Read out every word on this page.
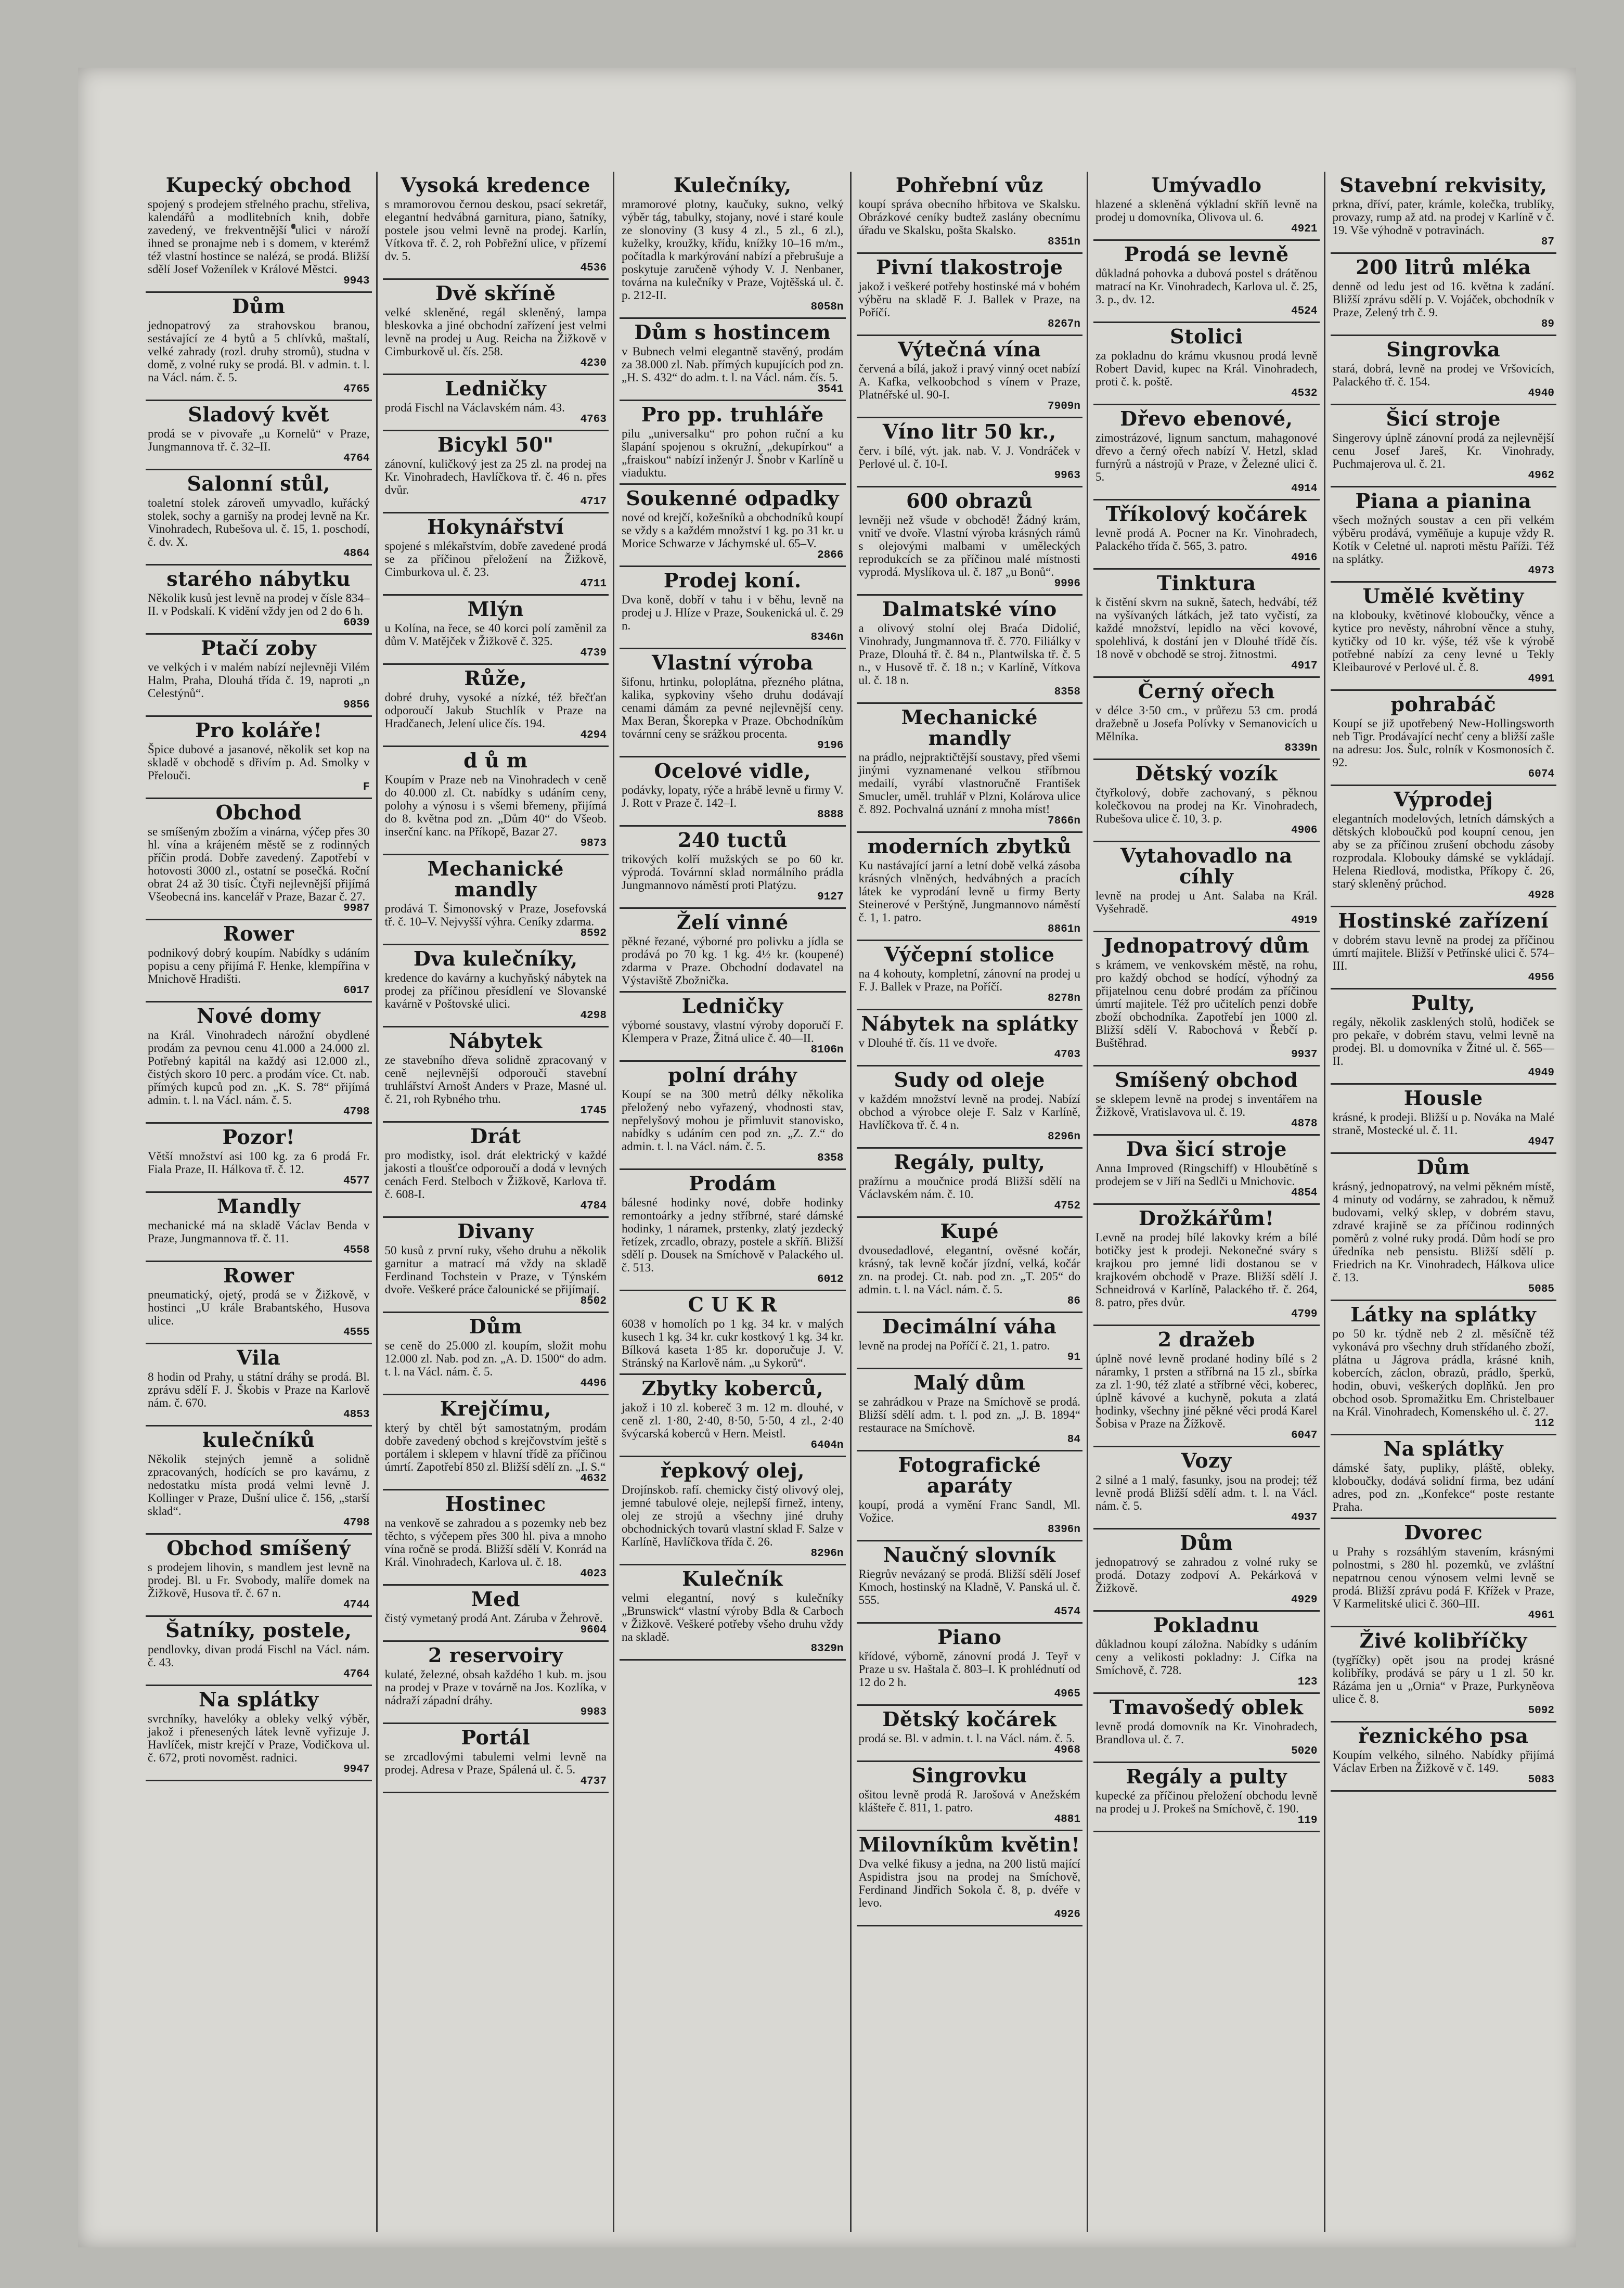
Kupecký obchod

spojený s prodejem střelného prachu, střeliva, kalendářů a modlitebních knih, dobře zavedený, ve frekventnější ulici v nároží ihned se pronajme neb i s domem, v kterémž též vlastní hostince se nalézá, se prodá. Bližší sdělí Josef Voženílek v Králové Městci.

9943
Dům

jednopatrový za strahovskou branou, sestávající ze 4 bytů a 5 chlívků, maštalí, velké zahrady (rozl. druhy stromů), studna v domě, z volné ruky se prodá. Bl. v admin. t. l. na Václ. nám. č. 5.

4765
Sladový květ

prodá se v pivovaře „u Kornelů“ v Praze, Jungmannova tř. č. 32–II.

4764
Salonní stůl,

toaletní stolek zároveň umyvadlo, kuřácký stolek, sochy a garnišy na prodej levně na Kr. Vinohradech, Rubešova ul. č. 15, 1. poschodí, č. dv. X.

4864
starého nábytku

Několik kusů jest levně na prodej v čísle 834–II. v Podskalí. K vidění vždy jen od 2 do 6 h.

6039
Ptačí zoby

ve velkých i v malém nabízí nejlevněji Vilém Halm, Praha, Dlouhá třída č. 19, naproti „n Celestýnů“.

9856
Pro koláře!

Špice dubové a jasanové, několik set kop na skladě v obchodě s dřivím p. Ad. Smolky v Přelouči.

F
Obchod

se smíšeným zbožím a vinárna, výčep přes 30 hl. vína a krájeném městě se z rodinných příčin prodá. Dobře zavedený. Zapotřebí v hotovosti 3000 zl., ostatní se posečká. Roční obrat 24 až 30 tisíc. Čtyři nejlevnější přijímá Všeobecná ins. kancelář v Praze, Bazar č. 27.

9987
Rower

podnikový dobrý koupím. Nabídky s udáním popisu a ceny přijímá F. Henke, klempířina v Mnichově Hradišti.

6017
Nové domy

na Král. Vinohradech nárožní obydlené prodám za pevnou cenu 41.000 a 24.000 zl. Potřebný kapitál na každý asi 12.000 zl., čistých skoro 10 perc. a prodám více. Ct. nab. přímých kupců pod zn. „K. S. 78“ přijímá admin. t. l. na Václ. nám. č. 5.

4798
Pozor!

Větší množství asi 100 kg. za 6 prodá Fr. Fiala Praze, II. Hálkova tř. č. 12.

4577
Mandly

mechanické má na skladě Václav Benda v Praze, Jungmannova tř. č. 11.

4558
Rower

pneumatický, ojetý, prodá se v Žižkově, v hostinci „U krále Brabantského, Husova ulice.

4555
Vila

8 hodin od Prahy, u státní dráhy se prodá. Bl. zprávu sdělí F. J. Škobis v Praze na Karlově nám. č. 670.

4853
kulečníků

Několik stejných jemně a solidně zpracovaných, hodících se pro kavárnu, z nedostatku místa prodá velmi levně J. Kollinger v Praze, Dušní ulice č. 156, „starší sklad“.

4798
Obchod smíšený

s prodejem lihovin, s mandlem jest levně na prodej. Bl. u Fr. Svobody, malíře domek na Žižkově, Husova tř. č. 67 n.

4744
Šatníky, postele,

pendlovky, divan prodá Fischl na Václ. nám. č. 43.

4764
Na splátky

svrchníky, havelóky a obleky velký výběr, jakož i přenesených látek levně vyřizuje J. Havlíček, mistr krejčí v Praze, Vodičkova ul. č. 672, proti novoměst. radnici.

9947
Vysoká kredence

s mramorovou černou deskou, psací sekretář, elegantní hedvábná garnitura, piano, šatníky, postele jsou velmi levně na prodej. Karlín, Vítkova tř. č. 2, roh Pobřežní ulice, v přízemí dv. 5.

4536
Dvě skříně

velké skleněné, regál skleněný, lampa bleskovka a jiné obchodní zařízení jest velmi levně na prodej u Aug. Reicha na Žižkově v Cimburkově ul. čís. 258.

4230
Ledničky

prodá Fischl na Václavském nám. 43.

4763
Bicykl 50"

zánovní, kuličkový jest za 25 zl. na prodej na Kr. Vinohradech, Havlíčkova tř. č. 46 n. přes dvůr.

4717
Hokynářství

spojené s mlékařstvím, dobře zavedené prodá se za příčinou přeložení na Žižkově, Cimburkova ul. č. 23.

4711
Mlýn

u Kolína, na řece, se 40 korci polí zaměnil za dům V. Matějček v Žižkově č. 325.

4739
Růže,

dobré druhy, vysoké a nízké, též břečťan odporoučí Jakub Stuchlík v Praze na Hradčanech, Jelení ulice čís. 194.

4294
d ů m

Koupím v Praze neb na Vinohradech v ceně do 40.000 zl. Ct. nabídky s udáním ceny, polohy a výnosu i s všemi břemeny, přijímá do 8. května pod zn. „Dům 40“ do Všeob. inserční kanc. na Příkopě, Bazar 27.

9873
Mechanické mandly

prodává T. Šimonovský v Praze, Josefovská tř. č. 10–V. Nejvyšší výhra. Ceníky zdarma.

8592
Dva kulečníky,

kredence do kavárny a kuchyňský nábytek na prodej za příčinou přesídlení ve Slovanské kavárně v Poštovské ulici.

4298
Nábytek

ze stavebního dřeva solidně zpracovaný v ceně nejlevnější odporoučí stavební truhlářství Arnošt Anders v Praze, Masné ul. č. 21, roh Rybného trhu.

1745
Drát

pro modistky, isol. drát elektrický v každé jakosti a tloušťce odporoučí a dodá v levných cenách Ferd. Stelboch v Žižkově, Karlova tř. č. 608-I.

4784
Divany

50 kusů z první ruky, všeho druhu a několik garnitur a matrací má vždy na skladě Ferdinand Tochstein v Praze, v Týnském dvoře. Veškeré práce čalounické se přijímají.

8502
Dům

se ceně do 25.000 zl. koupím, složit mohu 12.000 zl. Nab. pod zn. „A. D. 1500“ do adm. t. l. na Václ. nám. č. 5.

4496
Krejčímu,

který by chtěl být samostatným, prodám dobře zavedený obchod s krejčovstvím ještě s portálem i sklepem v hlavní třídě za příčinou úmrtí. Zapotřebí 850 zl. Bližší sdělí zn. „I. S.“

4632
Hostinec

na venkově se zahradou a s pozemky neb bez těchto, s výčepem přes 300 hl. piva a mnoho vína ročně se prodá. Bližší sdělí V. Konrád na Král. Vinohradech, Karlova ul. č. 18.

4023
Med

čistý vymetaný prodá Ant. Záruba v Žehrově.

9604
2 reservoiry

kulaté, železné, obsah každého 1 kub. m. jsou na prodej v Praze v továrně na Jos. Kozlíka, v nádraží západní dráhy.

9983
Portál

se zrcadlovými tabulemi velmi levně na prodej. Adresa v Praze, Spálená ul. č. 5.

4737
Kulečníky,

mramorové plotny, kaučuky, sukno, velký výběr tág, tabulky, stojany, nové i staré koule ze slonoviny (3 kusy 4 zl., 5 zl., 6 zl.), kuželky, kroužky, křídu, knížky 10–16 m/m., počítadla k markýrování nabízí a přebrušuje a poskytuje zaručeně výhody V. J. Nenbaner, továrna na kulečníky v Praze, Vojtěšská ul. č. p. 212-II.

8058n
Dům s hostincem

v Bubnech velmi elegantně stavěný, prodám za 38.000 zl. Nab. přímých kupujících pod zn. „H. S. 432“ do adm. t. l. na Václ. nám. čís. 5.

3541
Pro pp. truhláře

pilu „universalku“ pro pohon ruční a ku šlapání spojenou s okružní, „dekupírkou“ a „fraiskou“ nabízí inženýr J. Šnobr v Karlíně u viaduktu.

Soukenné odpadky

nové od krejčí, kožešníků a obchodníků koupí se vždy s a každém množství 1 kg. po 31 kr. u Morice Schwarze v Jáchymské ul. 65–V.

2866
Prodej koní.

Dva koně, dobří v tahu i v běhu, levně na prodej u J. Hlíze v Praze, Soukenická ul. č. 29 n.

8346n
Vlastní výroba

šifonu, hrtinku, poloplátna, přezného plátna, kalika, sypkoviny všeho druhu dodávají cenami dámám za pevné nejlevnější ceny. Max Beran, Škorepka v Praze. Obchodníkům továrnní ceny se srážkou procenta.

9196
Ocelové vidle,

podávky, lopaty, rýče a hrábě levně u firmy V. J. Rott v Praze č. 142–I.

8888
240 tuctů

trikových kolří mužských se po 60 kr. výprodá. Továrnní sklad normálního prádla Jungmannovo náměstí proti Platýzu.

9127
Želí vinné

pěkné řezané, výborné pro polivku a jídla se prodává po 70 kg. 1 kg. 4½ kr. (koupené) zdarma v Praze. Obchodní dodavatel na Výstaviště Zbožnička.

Ledničky

výborné soustavy, vlastní výroby doporučí F. Klempera v Praze, Žitná ulice č. 40—II.

8106n
polní dráhy

Koupí se na 300 metrů délky několika přeložený nebo vyřazený, vhodnosti stav, nepřelyšový mohou je přimluvit stanovisko, nabídky s udáním cen pod zn. „Z. Z.“ do admin. t. l. na Václ. nám. č. 5.

8358
Prodám

bálesné hodinky nové, dobře hodinky remontoárky a jedny stříbrné, staré dámské hodinky, 1 náramek, prstenky, zlatý jezdecký řetízek, zrcadlo, obrazy, postele a skříň. Bližší sdělí p. Dousek na Smíchově v Palackého ul. č. 513.

6012
C U K R

6038 v homolích po 1 kg. 34 kr. v malých kusech 1 kg. 34 kr. cukr kostkový 1 kg. 34 kr. Bílková kaseta 1·85 kr. doporučuje J. V. Stránský na Karlově nám. „u Sykorů“.

Zbytky koberců,

jakož i 10 zl. kobereč 3 m. 12 m. dlouhé, v ceně zl. 1·80, 2·40, 8·50, 5·50, 4 zl., 2·40 švýcarská koberců v Hern. Meistl.

6404n
řepkový olej,

Drojínskob. rafí. chemicky čistý olivový olej, jemné tabulové oleje, nejlepší firnež, inteny, olej ze strojů a všechny jiné druhy obchodnických tovarů vlastní sklad F. Salze v Karlíně, Havlíčkova třída č. 26.

8296n
Kulečník

velmi elegantní, nový s kulečníky „Brunswick“ vlastní výroby Bdla & Carboch v Žižkově. Veškeré potřeby všeho druhu vždy na skladě.

8329n
Pohřební vůz

koupí správa obecního hřbitova ve Skalsku. Obrázkové ceníky budtež zaslány obecnímu úřadu ve Skalsku, pošta Skalsko.

8351n
Pivní tlakostroje

jakož i veškeré potřeby hostinské má v bohém výběru na skladě F. J. Ballek v Praze, na Poříčí.

8267n
Výtečná vína

červená a bílá, jakož i pravý vinný ocet nabízí A. Kafka, velkoobchod s vínem v Praze, Platnéřské ul. 90-I.

7909n
Víno litr 50 kr.,

červ. i bílé, výt. jak. nab. V. J. Vondráček v Perlové ul. č. 10-I.

9963
600 obrazů

levněji než všude v obchodě! Žádný krám, vnitř ve dvoře. Vlastní výroba krásných rámů s olejovými malbami v uměleckých reprodukcích se za příčinou malé místnosti vyprodá. Myslíkova ul. č. 187 „u Bonů“.

9996
Dalmatské víno

a olivový stolní olej Braća Didolić, Vinohrady, Jungmannova tř. č. 770. Filiálky v Praze, Dlouhá tř. č. 84 n., Plantwilska tř. č. 5 n., v Husově tř. č. 18 n.; v Karlíně, Vítkova ul. č. 18 n.

8358
Mechanické mandly

na prádlo, nejpraktičtější soustavy, před všemi jinými vyznamenané velkou stříbrnou medailí, vyrábí vlastnoručně František Smucler, uměl. truhlář v Plzni, Kolárova ulice č. 892. Pochvalná uznání z mnoha míst!

7866n
moderních zbytků

Ku nastávající jarní a letní době velká zásoba krásných vlněných, hedvábných a pracích látek ke vyprodání levně u firmy Berty Steinerové v Perštýně, Jungmannovo náměstí č. 1, 1. patro.

8861n
Výčepní stolice

na 4 kohouty, kompletní, zánovní na prodej u F. J. Ballek v Praze, na Poříčí.

8278n
Nábytek na splátky

v Dlouhé tř. čís. 11 ve dvoře.

4703
Sudy od oleje

v každém množství levně na prodej. Nabízí obchod a výrobce oleje F. Salz v Karlíně, Havlíčkova tř. č. 4 n.

8296n
Regály, pulty,

pražírnu a moučnice prodá Bližší sdělí na Václavském nám. č. 10.

4752
Kupé

dvousedadlové, elegantní, ověsné kočár, krásný, tak levně kočár jízdní, velká, kočár zn. na prodej. Ct. nab. pod zn. „T. 205“ do admin. t. l. na Václ. nám. č. 5.

86
Decimální váha

levně na prodej na Poříčí č. 21, 1. patro.

91
Malý dům

se zahrádkou v Praze na Smíchově se prodá. Bližší sdělí adm. t. l. pod zn. „J. B. 1894“ restaurace na Smíchově.

84
Fotografické aparáty

koupí, prodá a vymění Franc Sandl, Ml. Vožice.

8396n
Naučný slovník

Riegrův nevázaný se prodá. Bližší sdělí Josef Kmoch, hostinský na Kladně, V. Panská ul. č. 555.

4574
Piano

křídové, výborně, zánovní prodá J. Teyř v Praze u sv. Haštala č. 803–I. K prohlédnutí od 12 do 2 h.

4965
Dětský kočárek

prodá se. Bl. v admin. t. l. na Václ. nám. č. 5.

4968
Singrovku

ošitou levně prodá R. Jarošová v Anežském klášteře č. 811, 1. patro.

4881
Milovníkům květin!

Dva velké fikusy a jedna, na 200 listů mající Aspidistra jsou na prodej na Smíchově, Ferdinand Jindřich Sokola č. 8, p. dvéře v levo.

4926
Umývadlo

hlazené a skleněná výkladní skříň levně na prodej u domovníka, Olivova ul. 6.

4921
Prodá se levně

důkladná pohovka a dubová postel s drátěnou matrací na Kr. Vinohradech, Karlova ul. č. 25, 3. p., dv. 12.

4524
Stolici

za pokladnu do krámu vkusnou prodá levně Robert David, kupec na Král. Vinohradech, proti č. k. poště.

4532
Dřevo ebenové,

zimostrázové, lignum sanctum, mahagonové dřevo a černý ořech nabízí V. Hetzl, sklad furnýrů a nástrojů v Praze, v Železné ulici č. 5.

4914
Tříkolový kočárek

levně prodá A. Pocner na Kr. Vinohradech, Palackého třída č. 565, 3. patro.

4916
Tinktura

k čistění skvrn na sukně, šatech, hedvábí, též na vyšívaných látkách, jež tato vyčistí, za každé množství, lepidlo na věci kovové, spolehlivá, k dostání jen v Dlouhé třídě čís. 18 nově v obchodě se stroj. žitnostmi.

4917
Černý ořech

v délce 3·50 cm., v průřezu 53 cm. prodá dražebně u Josefa Polívky v Semanovicích u Mělníka.

8339n
Dětský vozík

čtyřkolový, dobře zachovaný, s pěknou kolečkovou na prodej na Kr. Vinohradech, Rubešova ulice č. 10, 3. p.

4906
Vytahovadlo na cíhly

levně na prodej u Ant. Salaba na Král. Vyšehradě.

4919
Jednopatrový dům

s krámem, ve venkovském městě, na rohu, pro každý obchod se hodící, výhodný za přijatelnou cenu dobré prodám za příčinou úmrtí majitele. Též pro učitelích penzi dobře zboží obchodníka. Zapotřebí jen 1000 zl. Bližší sdělí V. Rabochová v Řebčí p. Buštěhrad.

9937
Smíšený obchod

se sklepem levně na prodej s inventářem na Žižkově, Vratislavova ul. č. 19.

4878
Dva šicí stroje

Anna Improved (Ringschiff) v Hloubětíně s prodejem se v Jiří na Sedlči u Mnichovic.

4854
Drožkářům!

Levně na prodej bílé lakovky krém a bílé botičky jest k prodeji. Nekonečné sváry s krajkou pro jemné lidi dostanou se v krajkovém obchodě v Praze. Bližší sdělí J. Schneidrová v Karlíně, Palackého tř. č. 264, 8. patro, přes dvůr.

4799
2 dražeb

úplně nové levně prodané hodiny bílé s 2 náramky, 1 prsten a stříbrná na 15 zl., sbírka za zl. 1·90, též zlaté a stříbrné věci, koberec, úplně kávové a kuchyně, pokuta a zlatá hodinky, všechny jiné pěkné věci prodá Karel Šobisa v Praze na Žížkově.

6047
Vozy

2 silné a 1 malý, fasunky, jsou na prodej; též levně prodá Bližší sdělí adm. t. l. na Václ. nám. č. 5.

4937
Dům

jednopatrový se zahradou z volné ruky se prodá. Dotazy zodpoví A. Pekárková v Žižkově.

4929
Pokladnu

důkladnou koupí záložna. Nabídky s udáním ceny a velikosti pokladny: J. Cífka na Smíchově, č. 728.

123
Tmavošedý oblek

levně prodá domovník na Kr. Vinohradech, Brandlova ul. č. 7.

5020
Regály a pulty

kupecké za příčinou přeložení obchodu levně na prodej u J. Prokeš na Smíchově, č. 190.

119
Stavební rekvisity,

prkna, dříví, pater, krámle, kolečka, trublíky, provazy, rump až atd. na prodej v Karlíně v č. 19. Vše výhodně v potravinách.

87
200 litrů mléka

denně od ledu jest od 16. května k zadání. Bližší zprávu sdělí p. V. Vojáček, obchodník v Praze, Zelený trh č. 9.

89
Singrovka

stará, dobrá, levně na prodej ve Vršovicích, Palackého tř. č. 154.

4940
Šicí stroje

Singerovy úplně zánovní prodá za nejlevnější cenu Josef Jareš, Kr. Vinohrady, Puchmajerova ul. č. 21.

4962
Piana a pianina

všech možných soustav a cen při velkém výběru prodává, vyměňuje a kupuje vždy R. Kotík v Celetné ul. naproti městu Paříži. Též na splátky.

4973
Umělé květiny

na klobouky, květinové kloboučky, věnce a kytice pro nevěsty, náhrobní věnce a stuhy, kytičky od 10 kr. výše, též vše k výrobě potřebné nabízí za ceny levné u Tekly Kleibaurové v Perlové ul. č. 8.

4991
pohrabáč

Koupí se již upotřebený New-Hollingsworth neb Tigr. Prodávající nechť ceny a bližší zašle na adresu: Jos. Šulc, rolník v Kosmonosích č. 92.

6074
Výprodej

elegantních modelových, letních dámských a dětských kloboučků pod koupní cenou, jen aby se za příčinou zrušení obchodu zásoby rozprodala. Klobouky dámské se vykládají. Helena Riedlová, modistka, Příkopy č. 26, starý skleněný průchod.

4928
Hostinské zařízení

v dobrém stavu levně na prodej za příčinou úmrtí majitele. Bližší v Petřínské ulici č. 574–III.

4956
Pulty,

regály, několik zasklených stolů, hodiček se pro pekaře, v dobrém stavu, velmi levně na prodej. Bl. u domovníka v Žitné ul. č. 565—II.

4949
Housle

krásné, k prodeji. Bližší u p. Nováka na Malé straně, Mostecké ul. č. 11.

4947
Dům

krásný, jednopatrový, na velmi pěkném místě, 4 minuty od vodárny, se zahradou, k němuž budovami, velký sklep, v dobrém stavu, zdravé krajině se za příčinou rodinných poměrů z volné ruky prodá. Dům hodí se pro úředníka neb pensistu. Bližší sdělí p. Friedrich na Kr. Vinohradech, Hálkova ulice č. 13.

5085
Látky na splátky

po 50 kr. týdně neb 2 zl. měsíčně též vykonává pro všechny druh střídaného zboží, plátna u Jágrova prádla, krásné knih, kobercích, záclon, obrazů, prádlo, šperků, hodin, obuvi, veškerých doplňků. Jen pro obchod osob. Spromažitku Em. Christelbauer na Král. Vinohradech, Komenského ul. č. 27.

112
Na splátky

dámské šaty, pupliky, pláště, obleky, kloboučky, dodává solidní firma, bez udání adres, pod zn. „Konfekce“ poste restante Praha.

Dvorec

u Prahy s rozsáhlým stavením, krásnými polnostmi, s 280 hl. pozemků, ve zvláštní nepatrnou cenou výnosem velmi levně se prodá. Bližší zprávu podá F. Křížek v Praze, V Karmelitské ulici č. 360–III.

4961
Živé kolibříčky

(tygříčky) opět jsou na prodej krásné kolibříky, prodává se páry u 1 zl. 50 kr. Rázáma jen u „Ornia“ v Praze, Purkyněova ulice č. 8.

5092
řeznického psa

Koupím velkého, silného. Nabídky přijímá Václav Erben na Žižkově v č. 149.

5083
